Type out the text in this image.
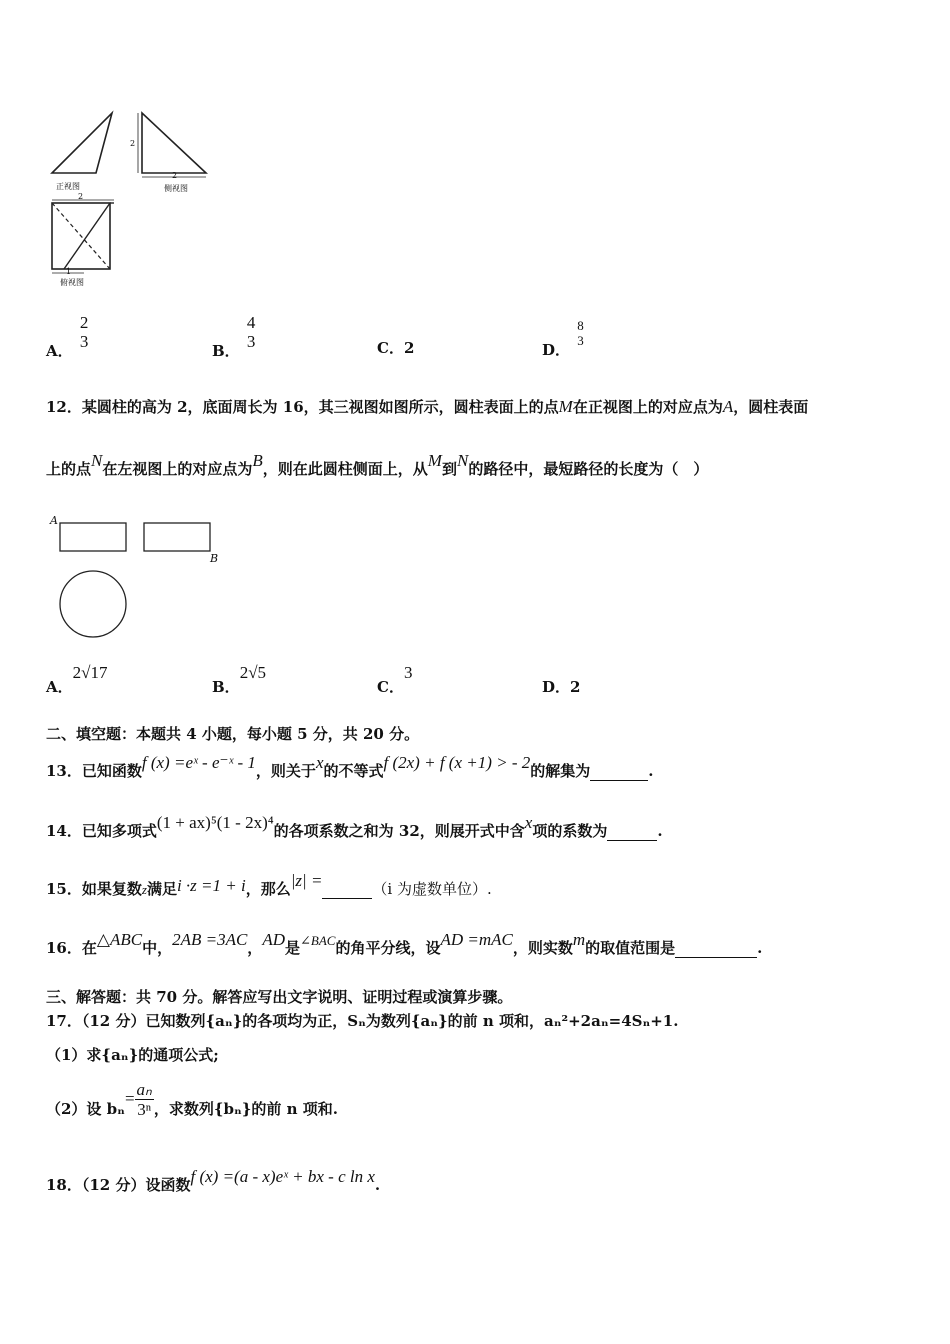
正视图	侧视图
俯视图
2
2
2
1
A．
2
3	B．
4
3	C．2	D．
8
3
12．某圆柱的高为 2，底面周长为 16，其三视图如图所示，圆柱表面上的点M在正视图上的对应点为A，圆柱表面
上的点N在左视图上的对应点为B，则在此圆柱侧面上，从M到N的路径中，最短路径的长度为（　）
A
B
A．2√17
B．2√5
C．3
D．2
二、填空题：本题共 4 小题，每小题 5 分，共 20 分。
13．已知函数f (x) =eˣ - e⁻ˣ - 1，则关于x的不等式f (2x) + f (x +1) > - 2的解集为	.
14．已知多项式(1 + ax)⁵(1 - 2x)⁴的各项系数之和为 32，则展开式中含x项的系数为	.
15．如果复数z满足i ·z =1 + i，那么|z| =	（i 为虚数单位）.
16．在△ABC中，2AB =3AC，AD是∠BAC的角平分线，设AD =mAC，则实数m的取值范围是	.
三、解答题：共 70 分。解答应写出文字说明、证明过程或演算步骤。
17．（12 分）已知数列{aₙ}的各项均为正，Sₙ为数列{aₙ}的前 n 项和，aₙ²+2aₙ=4Sₙ+1.
（1）求{aₙ}的通项公式;
（2）设 $b_n= \frac{\text{aₙ}}{\text{3ⁿ}}$ ，求数列{bₙ}的前 n 项和.
18．（12 分）设函数f (x) =(a - x)eˣ + bx - c ln x.
